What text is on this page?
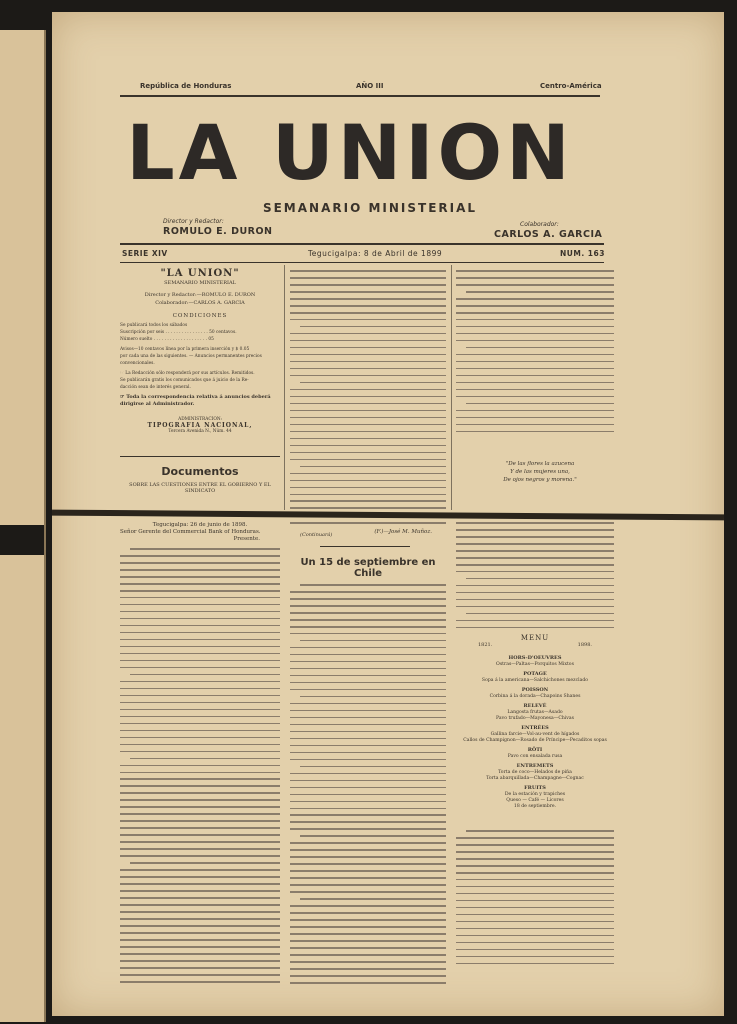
República de Honduras	AÑO III	Centro-América
LA UNION
SEMANARIO MINISTERIAL
Director y Redactor:
ROMULO E. DURON
Colaborador:
CARLOS A. GARCIA
SERIE XIV	Tegucigalpa: 8 de Abril de 1899	NUM. 163
"LA UNION"
SEMANARIO MINISTERIAL
Director y Redactor:—ROMULO E. DURON
Colaborador:—CARLOS A. GARCIA
CONDICIONES
Se publicará todos los sábados
Suscripción por seis . . . . . . . . . . . . . . . . 50 centavos.
Número suelto . . . . . . . . . . . . . . . . . . . . 05
Avisos—10 centavos línea por la primera inserción y $ 0.05
por cada una de las siguientes. — Anuncios permanentes precios
convencionales.
☞ La Redacción sólo responderá por sus artículos. Remitidos.
Se publicarán gratis los comunicados que á juicio de la Re-
dacción sean de interés general.
☞ Toda la correspondencia relativa á anuncios deberá dirigirse al Administrador.
ADMINISTRACION:
TIPOGRAFIA NACIONAL,
Tercera Avenida N., Núm. 44
Documentos
SOBRE LAS CUESTIONES ENTRE EL GOBIERNO Y EL SINDICATO
"De las flores la azucena
Y de las mujeres una,
De ojos negros y morena."
Tegucigalpa: 26 de junio de 1898.
Señor Gerente del Commercial Bank of Honduras.
Presente.
(F.)—José M. Muñoz.
(Continuará)
Un 15 de septiembre en Chile
MENÚ
1821.	1898.
HORS-D'OEUVRES
Ostras—Paltas—Porquitos Mixtos
POTAGE
Sopa á la americana—Salchichones mezclado
POISSON
Corbina á la dorada—Chapoins Shanes
RELEVÉ
Langosta frutas—Asado
Pavo trufado—Mayonesa—Chivas
ENTRÉES
Gallina farcie—Vol-au-vent de hígados
Callos de Champignon—Rosado de Príncipe—Pecaditos sopas
RÔTI
Pavo con ensalada rusa
ENTREMETS
Torta de coco—Helados de piña
Torta abarquillada—Champagne—Cognac
FRUITS
De la estación y trapiches
Queso — Café — Licores
18 de septiembre.
